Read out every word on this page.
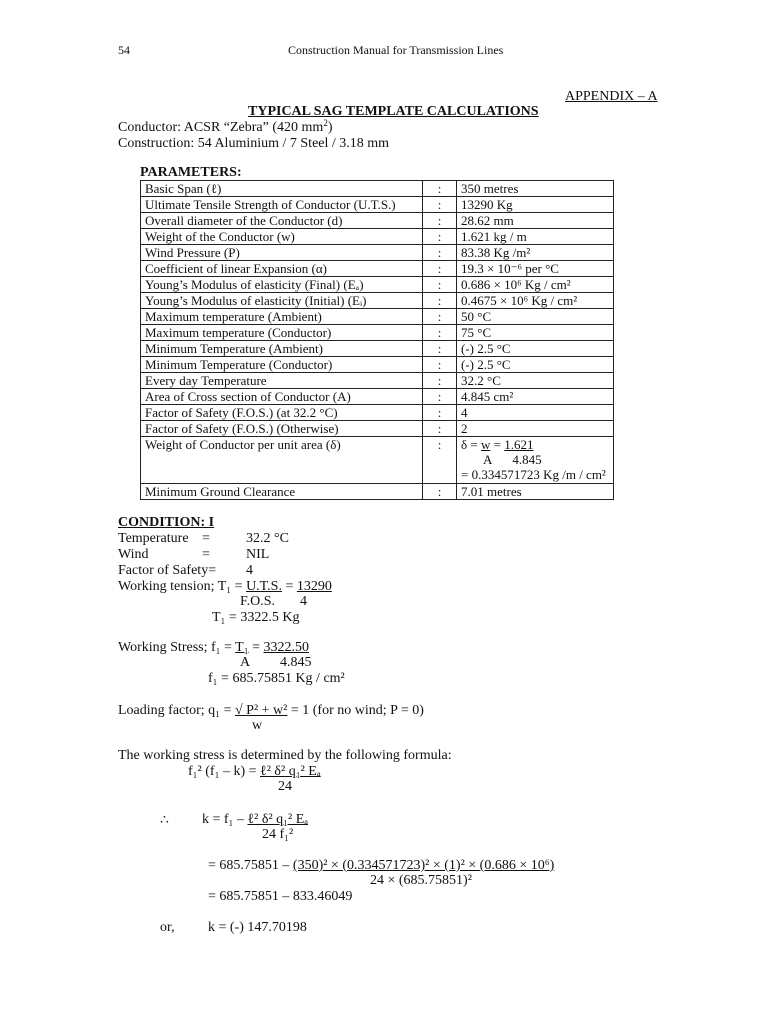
54	Construction Manual for Transmission Lines
APPENDIX – A
TYPICAL SAG TEMPLATE CALCULATIONS
Conductor: ACSR “Zebra” (420 $mm^2$)
Construction: 54 Aluminium / 7 Steel / 3.18 mm
PARAMETERS:
Basic Span (ℓ)	:	350 metres
Ultimate Tensile Strength of Conductor (U.T.S.)	:	13290 Kg
Overall diameter of the Conductor (d)	:	28.62 mm
Weight of the Conductor (w)	:	1.621 kg / m
Wind Pressure (P)	:	83.38 Kg /m²
Coefficient of linear Expansion (α)	:	19.3 × 10⁻⁶ per °C
Young’s Modulus of elasticity (Final) (Eₐ)	:	0.686 × 10⁶ Kg / cm²
Young’s Modulus of elasticity (Initial) (Eᵢ)	:	0.4675 × 10⁶ Kg / cm²
Maximum temperature (Ambient)	:	50 °C
Maximum temperature (Conductor)	:	75 °C
Minimum Temperature (Ambient)	:	(-) 2.5 °C
Minimum Temperature (Conductor)	:	(-) 2.5 °C
Every day Temperature	:	32.2 °C
Area of Cross section of Conductor (A)	:	4.845 cm²
Factor of Safety (F.O.S.) (at 32.2 °C)	:	4
Factor of Safety (F.O.S.) (Otherwise)	:	2
Weight of Conductor per unit area (δ)	:	δ = w = 1.621
A 4.845
= 0.334571723 Kg /m / cm²

Minimum Ground Clearance	:	7.01 metres
CONDITION: I
Temperature =	32.2 °C
Wind	=	NIL
Factor of Safety= 4
Working tension; T₁ = U.T.S. = 13290
F.O.S. 4
T₁ = 3322.5 Kg
Working Stress; f₁ = T₁ = 3322.50
A 4.845
f₁ = 685.75851 Kg / cm²
Loading factor; q₁ = √ P² + w² = 1 (for no wind; P = 0)
w
The working stress is determined by the following formula:
f₁² (f₁ – k) = ℓ² δ² q₁² Eₐ
24
∴ k = f₁ – ℓ² δ² q₁² Eₐ
24 f₁²
= 685.75851 – (350)² × (0.334571723)² × (1)² × (0.686 × 10⁶)
24 × (685.75851)²
= 685.75851 – 833.46049
or, k = (-) 147.70198
